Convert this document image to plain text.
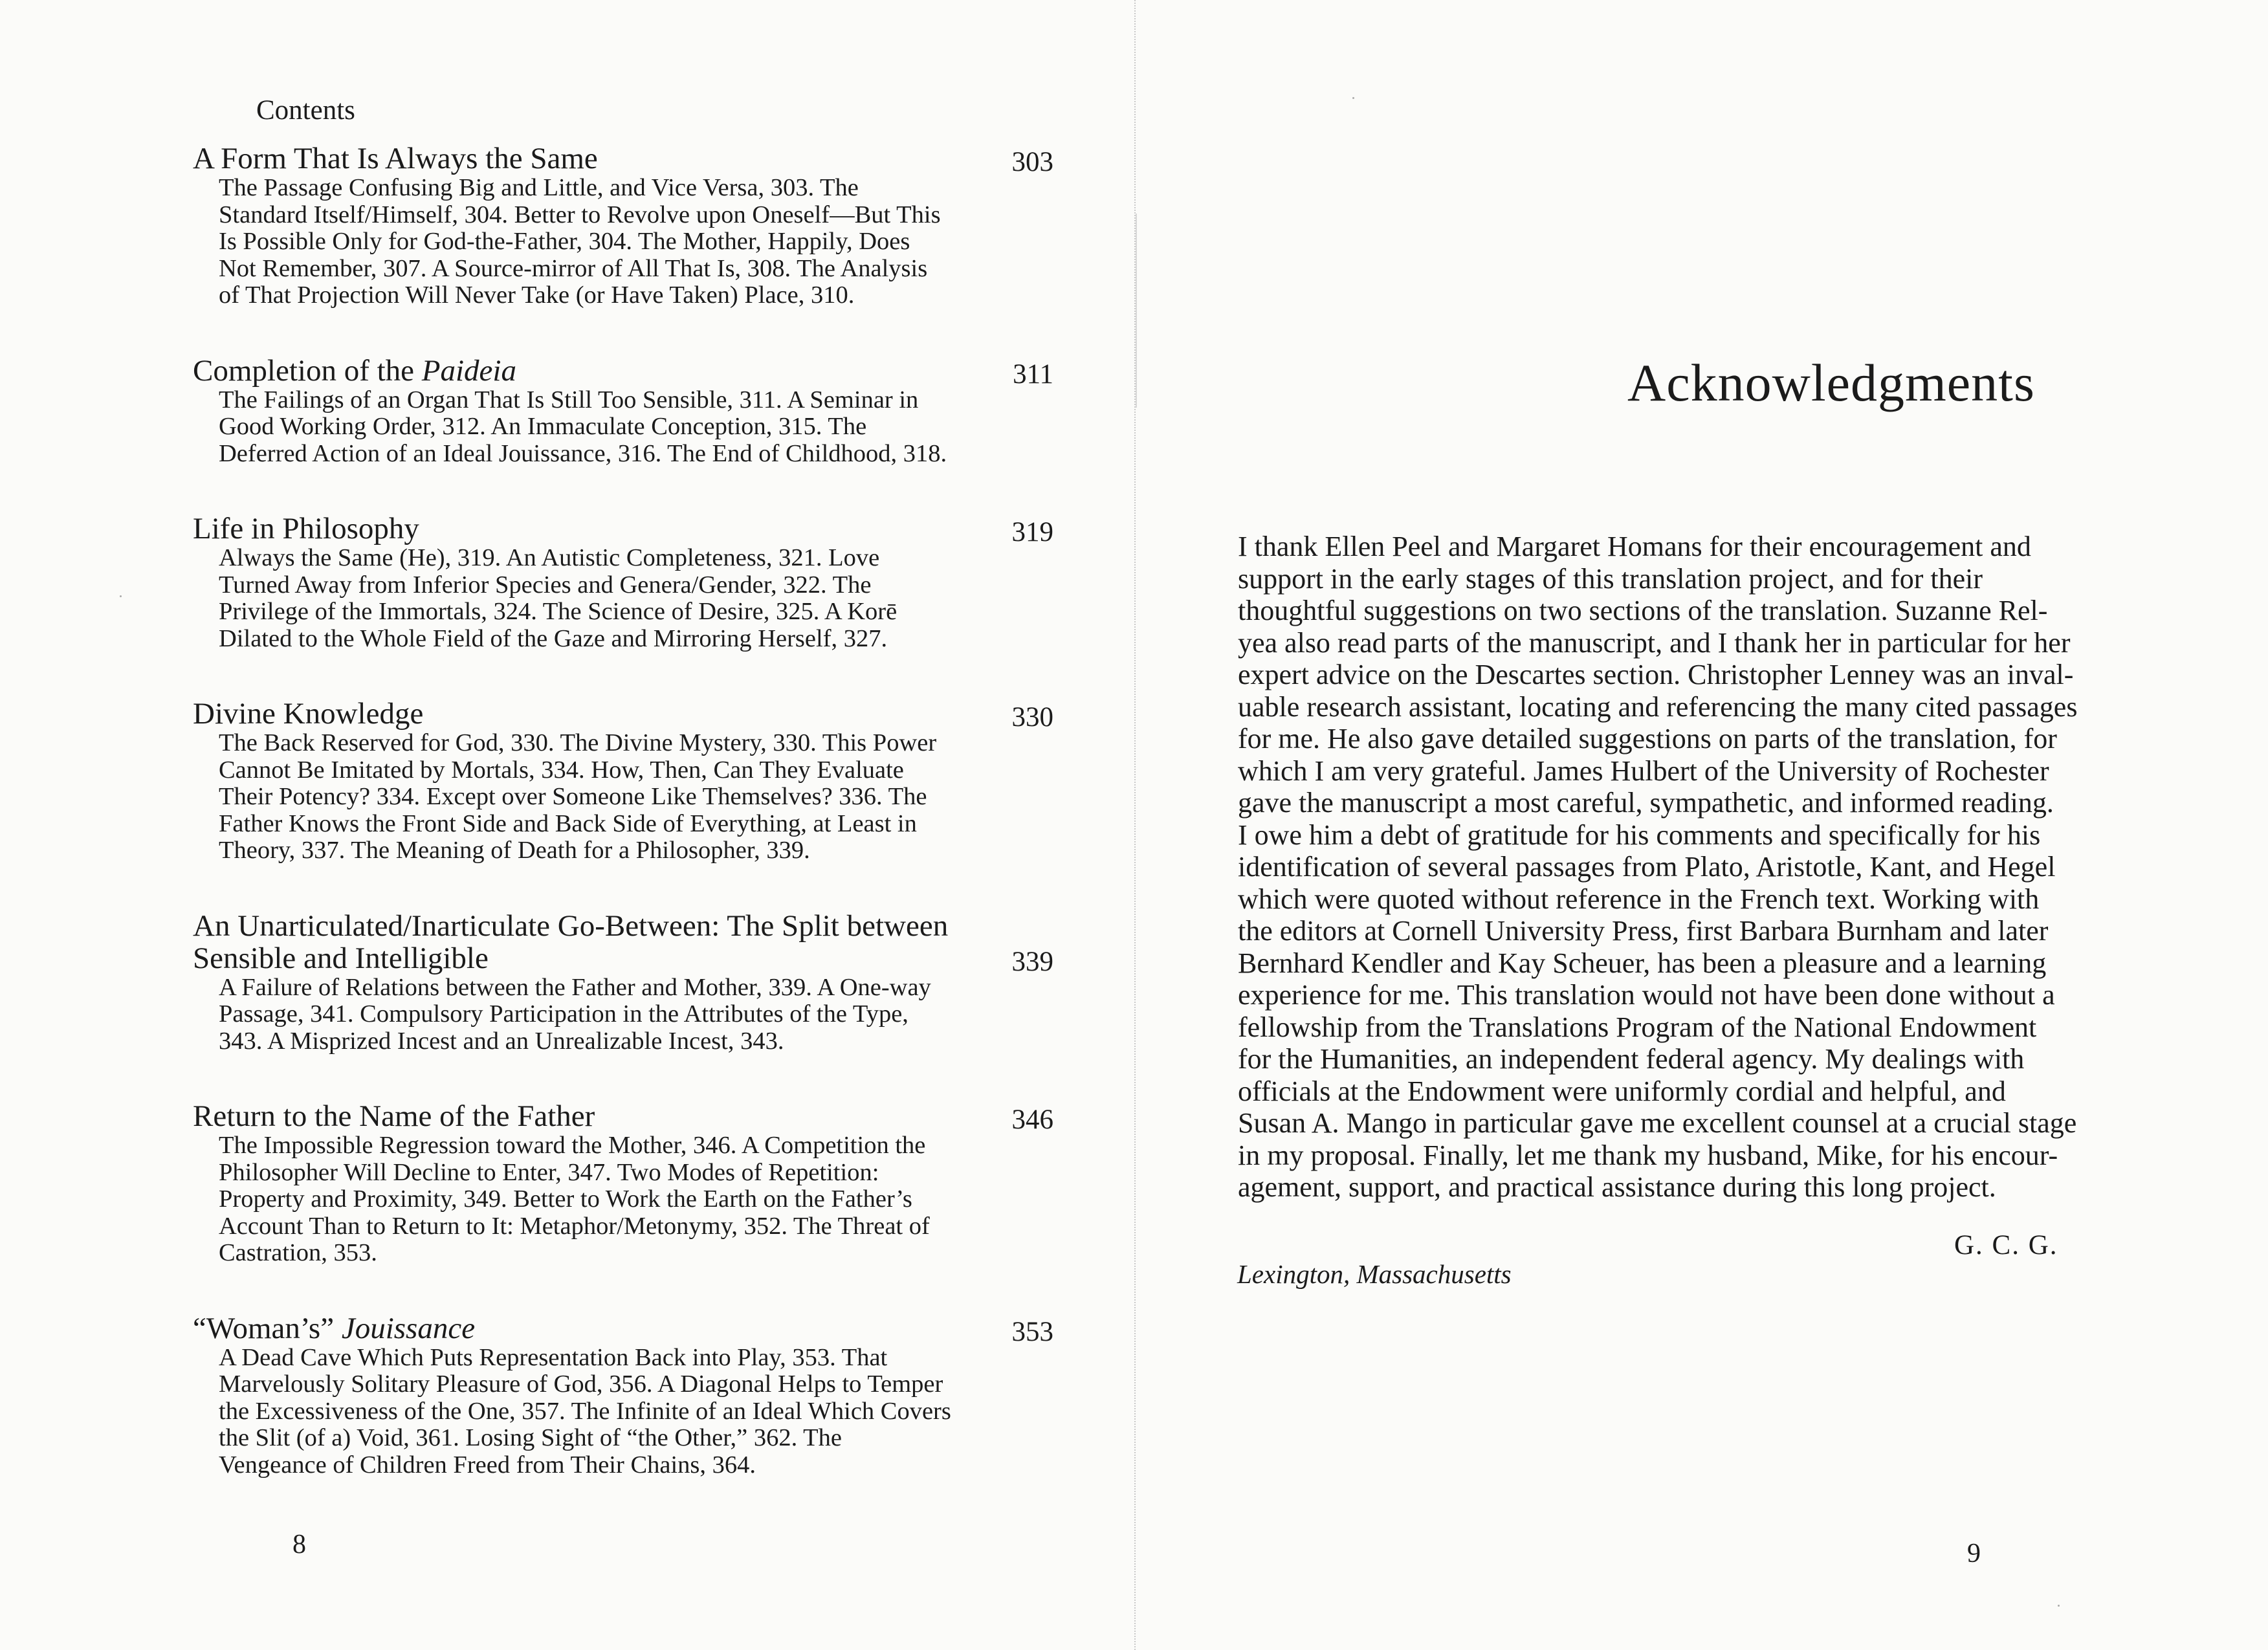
Contents
A Form That Is Always the Same	303
The Passage Confusing Big and Little, and Vice Versa, 303. The
Standard Itself/Himself, 304. Better to Revolve upon Oneself—But This
Is Possible Only for God-the-Father, 304. The Mother, Happily, Does
Not Remember, 307. A Source-mirror of All That Is, 308. The Analysis
of That Projection Will Never Take (or Have Taken) Place, 310.
Completion of the Paideia	311
The Failings of an Organ That Is Still Too Sensible, 311. A Seminar in
Good Working Order, 312. An Immaculate Conception, 315. The
Deferred Action of an Ideal Jouissance, 316. The End of Childhood, 318.
Life in Philosophy	319
Always the Same (He), 319. An Autistic Completeness, 321. Love
Turned Away from Inferior Species and Genera/Gender, 322. The
Privilege of the Immortals, 324. The Science of Desire, 325. A Korē
Dilated to the Whole Field of the Gaze and Mirroring Herself, 327.
Divine Knowledge	330
The Back Reserved for God, 330. The Divine Mystery, 330. This Power
Cannot Be Imitated by Mortals, 334. How, Then, Can They Evaluate
Their Potency? 334. Except over Someone Like Themselves? 336. The
Father Knows the Front Side and Back Side of Everything, at Least in
Theory, 337. The Meaning of Death for a Philosopher, 339.
An Unarticulated/Inarticulate Go-Between: The Split between
Sensible and Intelligible	339
A Failure of Relations between the Father and Mother, 339. A One-way
Passage, 341. Compulsory Participation in the Attributes of the Type,
343. A Misprized Incest and an Unrealizable Incest, 343.
Return to the Name of the Father	346
The Impossible Regression toward the Mother, 346. A Competition the
Philosopher Will Decline to Enter, 347. Two Modes of Repetition:
Property and Proximity, 349. Better to Work the Earth on the Father’s
Account Than to Return to It: Metaphor/Metonymy, 352. The Threat of
Castration, 353.
“Woman’s” Jouissance	353
A Dead Cave Which Puts Representation Back into Play, 353. That
Marvelously Solitary Pleasure of God, 356. A Diagonal Helps to Temper
the Excessiveness of the One, 357. The Infinite of an Ideal Which Covers
the Slit (of a) Void, 361. Losing Sight of “the Other,” 362. The
Vengeance of Children Freed from Their Chains, 364.
8
Acknowledgments
I thank Ellen Peel and Margaret Homans for their encouragement and
support in the early stages of this translation project, and for their
thoughtful suggestions on two sections of the translation. Suzanne Rel-
yea also read parts of the manuscript, and I thank her in particular for her
expert advice on the Descartes section. Christopher Lenney was an inval-
uable research assistant, locating and referencing the many cited passages
for me. He also gave detailed suggestions on parts of the translation, for
which I am very grateful. James Hulbert of the University of Rochester
gave the manuscript a most careful, sympathetic, and informed reading.
I owe him a debt of gratitude for his comments and specifically for his
identification of several passages from Plato, Aristotle, Kant, and Hegel
which were quoted without reference in the French text. Working with
the editors at Cornell University Press, first Barbara Burnham and later
Bernhard Kendler and Kay Scheuer, has been a pleasure and a learning
experience for me. This translation would not have been done without a
fellowship from the Translations Program of the National Endowment
for the Humanities, an independent federal agency. My dealings with
officials at the Endowment were uniformly cordial and helpful, and
Susan A. Mango in particular gave me excellent counsel at a crucial stage
in my proposal. Finally, let me thank my husband, Mike, for his encour-
agement, support, and practical assistance during this long project.
G. C. G.
Lexington, Massachusetts
9
